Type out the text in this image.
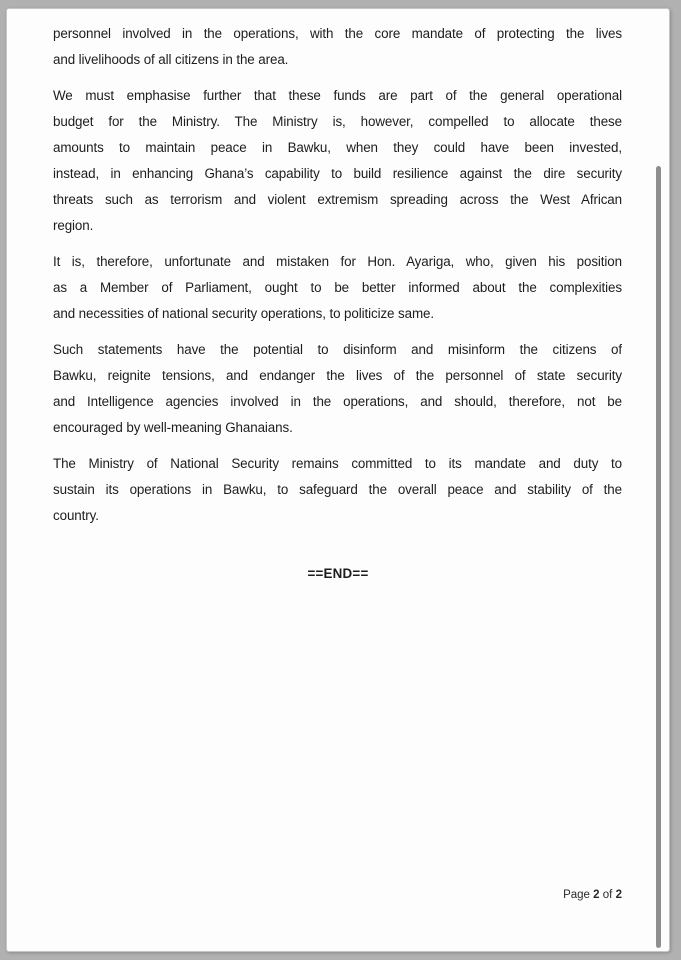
personnel involved in the operations, with the core mandate of protecting the lives
and livelihoods of all citizens in the area.
We must emphasise further that these funds are part of the general operational
budget for the Ministry. The Ministry is, however, compelled to allocate these
amounts to maintain peace in Bawku, when they could have been invested,
instead, in enhancing Ghana’s capability to build resilience against the dire security
threats such as terrorism and violent extremism spreading across the West African
region.
It is, therefore, unfortunate and mistaken for Hon. Ayariga, who, given his position
as a Member of Parliament, ought to be better informed about the complexities
and necessities of national security operations, to politicize same.
Such statements have the potential to disinform and misinform the citizens of
Bawku, reignite tensions, and endanger the lives of the personnel of state security
and Intelligence agencies involved in the operations, and should, therefore, not be
encouraged by well-meaning Ghanaians.
The Ministry of National Security remains committed to its mandate and duty to
sustain its operations in Bawku, to safeguard the overall peace and stability of the
country.
==END==
Page 2 of 2
